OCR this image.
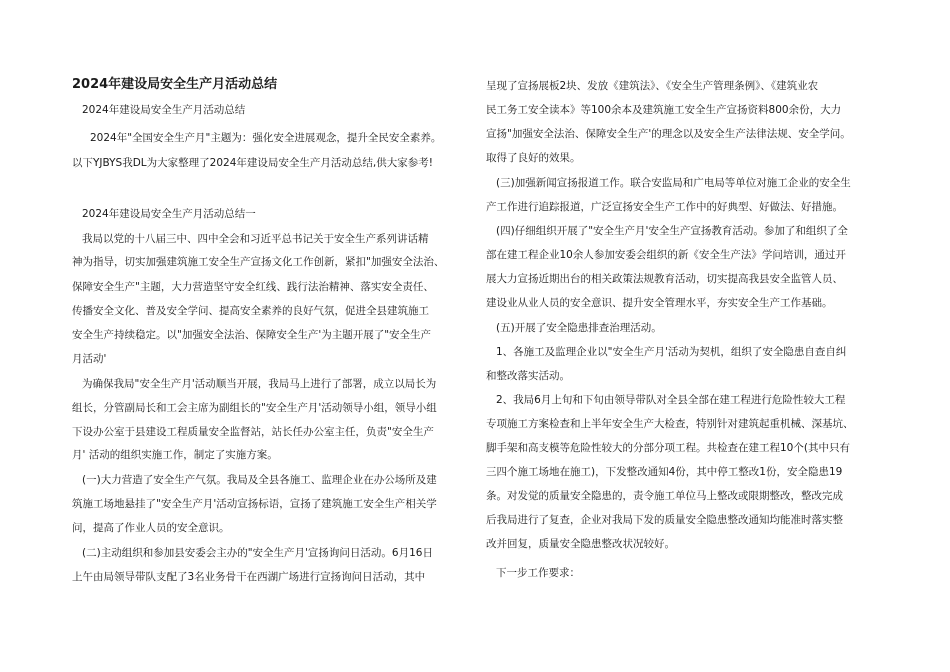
2024年建设局安全生产月活动总结
2024年建设局安全生产月活动总结
2024年"全国安全生产月"主题为：强化安全进展观念，提升全民安全素养。
以下YJBYS我DL为大家整理了2024年建设局安全生产月活动总结,供大家参考!
2024年建设局安全生产月活动总结一
我局以党的十八届三中、四中全会和习近平总书记关于安全生产系列讲话精
神为指导，切实加强建筑施工安全生产宣扬文化工作创新，紧扣"加强安全法治、
保障安全生产"主题，大力营造坚守安全红线、践行法治精神、落实安全责任、
传播安全文化、普及安全学问、提高安全素养的良好气氛，促进全县建筑施工
安全生产持续稳定。以"加强安全法治、保障安全生产'为主题开展了"安全生产
月活动'
为确保我局"安全生产月'活动顺当开展，我局马上进行了部署，成立以局长为
组长，分管副局长和工会主席为副组长的"安全生产月'活动领导小组，领导小组
下设办公室于县建设工程质量安全监督站，站长任办公室主任，负责"安全生产
月' 活动的组织实施工作，制定了实施方案。
(一)大力营造了安全生产气氛。我局及全县各施工、监理企业在办公场所及建
筑施工场地悬挂了"安全生产月'活动宣扬标语，宣扬了建筑施工安全生产相关学
问，提高了作业人员的安全意识。
(二)主动组织和参加县安委会主办的"安全生产月'宣扬询问日活动。6月16日
上午由局领导带队支配了3名业务骨干在西湖广场进行宣扬询问日活动，其中
呈现了宣扬展板2块、发放《建筑法》、《安全生产管理条例》、《建筑业农
民工务工安全读本》等100余本及建筑施工安全生产宣扬资料800余份，大力
宣扬"加强安全法治、保障安全生产'的理念以及安全生产法律法规、安全学问。
取得了良好的效果。
(三)加强新闻宣扬报道工作。联合安监局和广电局等单位对施工企业的安全生
产工作进行追踪报道，广泛宣扬安全生产工作中的好典型、好做法、好措施。
(四)仔细组织开展了"安全生产月'安全生产宣扬教育活动。参加了和组织了全
部在建工程企业10余人参加安委会组织的新《安全生产法》学问培训，通过开
展大力宣扬近期出台的相关政策法规教育活动，切实提高我县安全监管人员、
建设业从业人员的安全意识、提升安全管理水平，夯实安全生产工作基础。
(五)开展了安全隐患排查治理活动。
1、各施工及监理企业以"安全生产月'活动为契机，组织了安全隐患自查自纠
和整改落实活动。
2、我局6月上旬和下旬由领导带队对全县全部在建工程进行危险性较大工程
专项施工方案检查和上半年安全生产大检查，特别针对建筑起重机械、深基坑、
脚手架和高支模等危险性较大的分部分项工程。共检查在建工程10个(其中只有
三四个施工场地在施工)，下发整改通知4份，其中停工整改1份，安全隐患19
条。对发觉的质量安全隐患的，责令施工单位马上整改或限期整改，整改完成
后我局进行了复查，企业对我局下发的质量安全隐患整改通知均能准时落实整
改并回复，质量安全隐患整改状况较好。
下一步工作要求：
